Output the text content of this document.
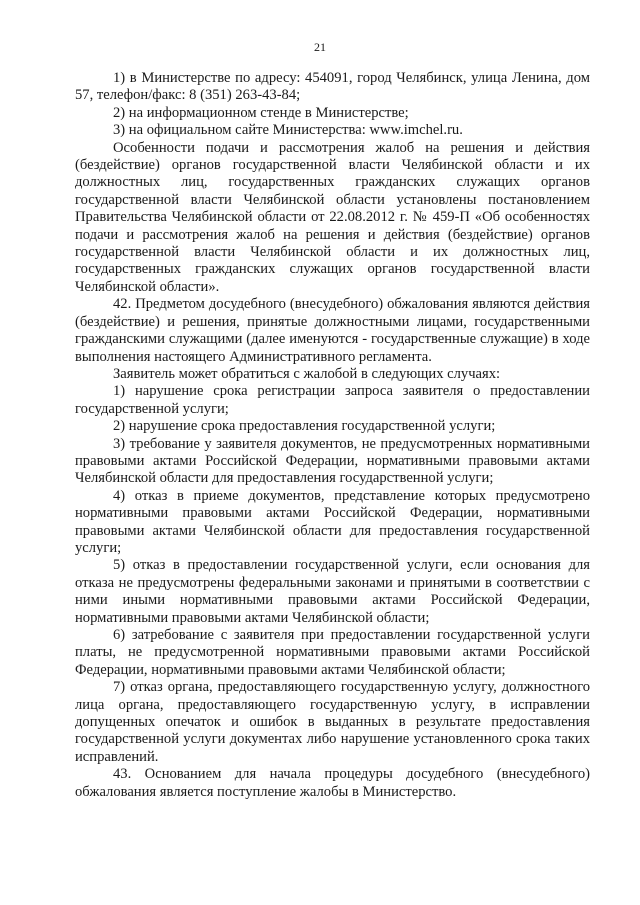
21

1) в Министерстве по адресу: 454091, город Челябинск, улица Ленина, дом 57, телефон/факс: 8 (351) 263-43-84;

2) на информационном стенде в Министерстве;

3) на официальном сайте Министерства: www.imchel.ru.

Особенности подачи и рассмотрения жалоб на решения и действия (бездействие) органов государственной власти Челябинской области и их должностных лиц, государственных гражданских служащих органов государственной власти Челябинской области установлены постановлением Правительства Челябинской области от 22.08.2012 г. № 459-П «Об особенностях подачи и рассмотрения жалоб на решения и действия (бездействие) органов государственной власти Челябинской области и их должностных лиц, государственных гражданских служащих органов государственной власти Челябинской области».

42. Предметом досудебного (внесудебного) обжалования являются действия (бездействие) и решения, принятые должностными лицами, государственными гражданскими служащими (далее именуются - государственные служащие) в ходе выполнения настоящего Административного регламента.

Заявитель может обратиться с жалобой в следующих случаях:

1) нарушение срока регистрации запроса заявителя о предоставлении государственной услуги;

2) нарушение срока предоставления государственной услуги;

3) требование у заявителя документов, не предусмотренных нормативными правовыми актами Российской Федерации, нормативными правовыми актами Челябинской области для предоставления государственной услуги;

4) отказ в приеме документов, представление которых предусмотрено нормативными правовыми актами Российской Федерации, нормативными правовыми актами Челябинской области для предоставления государственной услуги;

5) отказ в предоставлении государственной услуги, если основания для отказа не предусмотрены федеральными законами и принятыми в соответствии с ними иными нормативными правовыми актами Российской Федерации, нормативными правовыми актами Челябинской области;

6) затребование с заявителя при предоставлении государственной услуги платы, не предусмотренной нормативными правовыми актами Российской Федерации, нормативными правовыми актами Челябинской области;

7) отказ органа, предоставляющего государственную услугу, должностного лица органа, предоставляющего государственную услугу, в исправлении допущенных опечаток и ошибок в выданных в результате предоставления государственной услуги документах либо нарушение установленного срока таких исправлений.

43. Основанием для начала процедуры досудебного (внесудебного) обжалования является поступление жалобы в Министерство.
